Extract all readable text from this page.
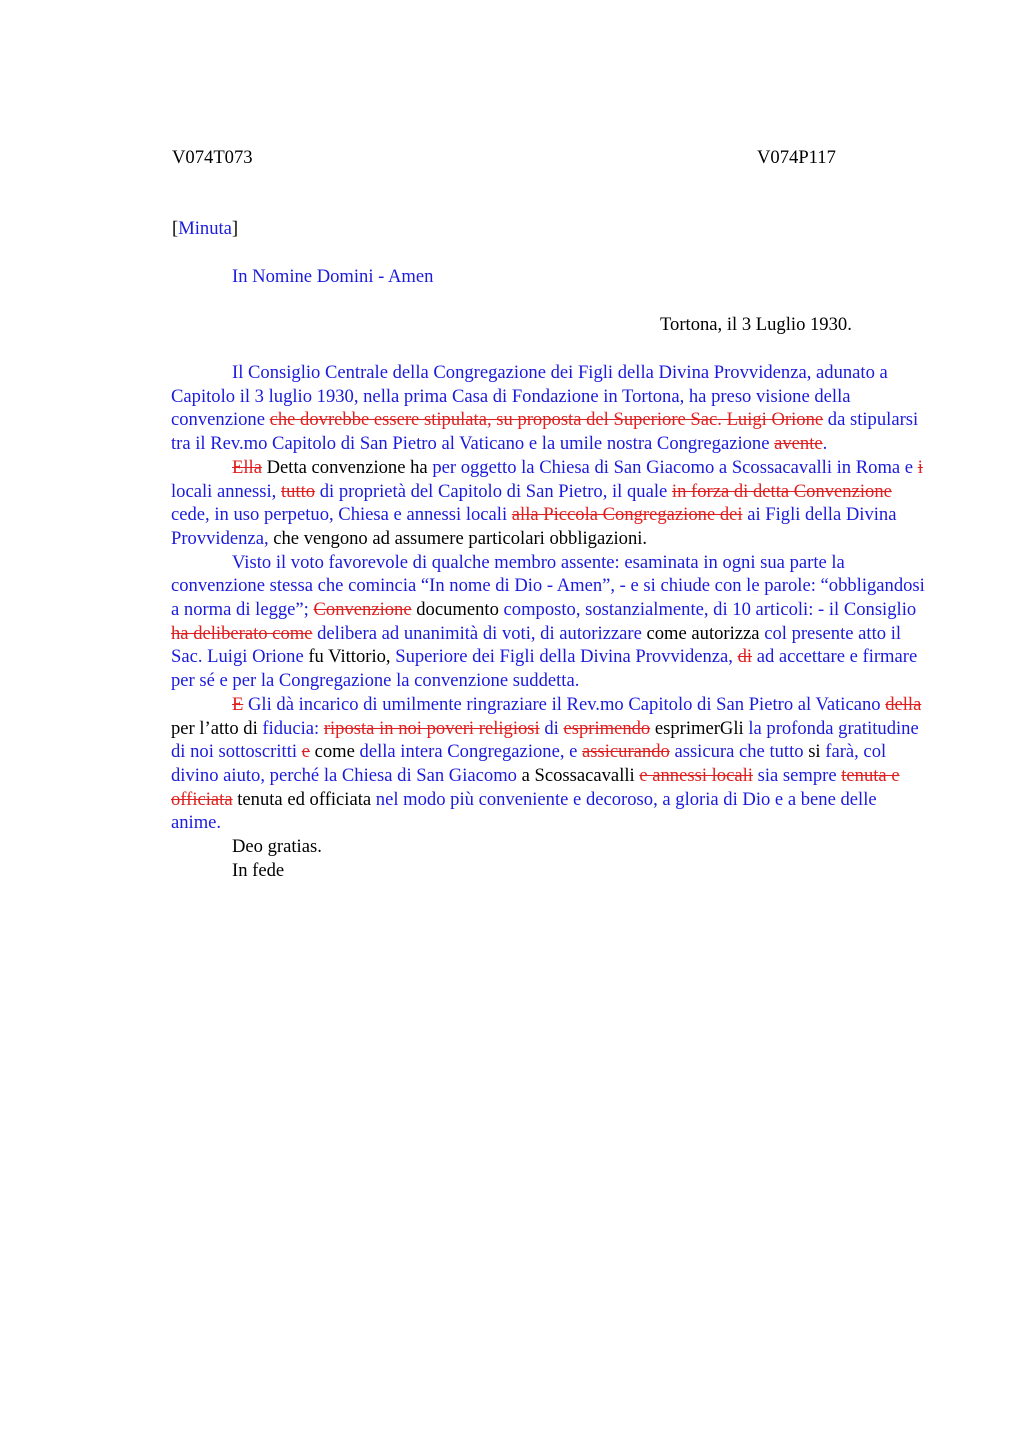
V074T073	V074P117
[Minuta]
In Nomine Domini - Amen
Tortona, il 3 Luglio 1930.

Il Consiglio Centrale della Congregazione dei Figli della Divina Provvidenza, adunato a Capitolo il 3 luglio 1930, nella prima Casa di Fondazione in Tortona, ha preso visione della convenzione che dovrebbe essere stipulata, su proposta del Superiore Sac. Luigi Orione da stipularsi tra il Rev.mo Capitolo di San Pietro al Vaticano e la umile nostra Congregazione avente.

Ella Detta convenzione ha per oggetto la Chiesa di San Giacomo a Scossacavalli in Roma e i locali annessi, tutto di proprietà del Capitolo di San Pietro, il quale in forza di detta Convenzione cede, in uso perpetuo, Chiesa e annessi locali alla Piccola Congregazione dei ai Figli della Divina Provvidenza, che vengono ad assumere particolari obbligazioni.

Visto il voto favorevole di qualche membro assente: esaminata in ogni sua parte la convenzione stessa che comincia “In nome di Dio - Amen”, - e si chiude con le parole: “obbligandosi a norma di legge”; Convenzione documento composto, sostanzialmente, di 10 articoli: - il Consiglio ha deliberato come delibera ad unanimità di voti, di autorizzare come autorizza col presente atto il Sac. Luigi Orione fu Vittorio, Superiore dei Figli della Divina Provvidenza, di ad accettare e firmare per sé e per la Congregazione la convenzione suddetta.

E Gli dà incarico di umilmente ringraziare il Rev.mo Capitolo di San Pietro al Vaticano della per l’atto di fiducia: riposta in noi poveri religiosi di esprimendo esprimerGli la profonda gratitudine di noi sottoscritti e come della intera Congregazione, e assicurando assicura che tutto si farà, col divino aiuto, perché la Chiesa di San Giacomo a Scossacavalli e annessi locali sia sempre tenuta e officiata tenuta ed officiata nel modo più conveniente e decoroso, a gloria di Dio e a bene delle anime.

Deo gratias.

In fede
